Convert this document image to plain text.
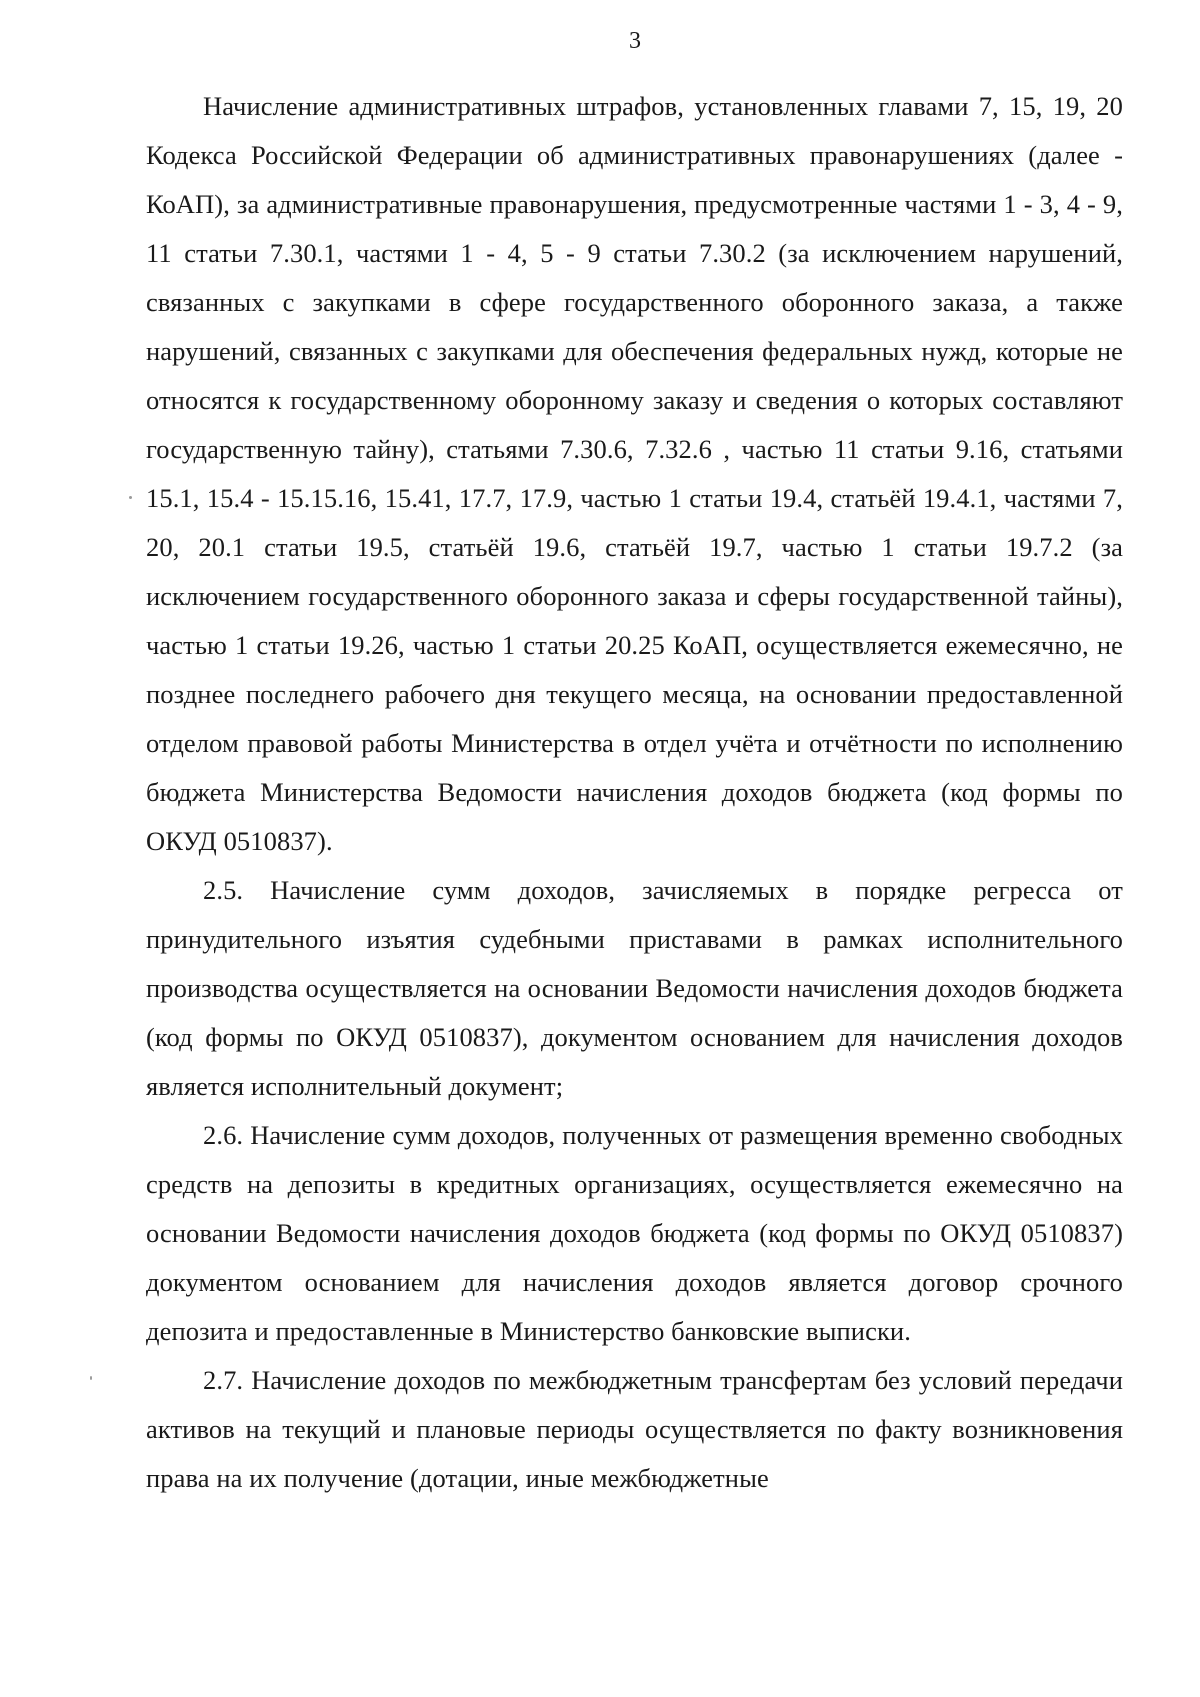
3

Начисление административных штрафов, установленных главами 7, 15, 19, 20 Кодекса Российской Федерации об административных правонарушениях (далее - КоАП), за административные правонарушения, предусмотренные частями 1 - 3, 4 - 9, 11 статьи 7.30.1, частями 1 - 4, 5 - 9 статьи 7.30.2 (за исключением нарушений, связанных с закупками в сфере государственного оборонного заказа, а также нарушений, связанных с закупками для обеспечения федеральных нужд, которые не относятся к государственному оборонному заказу и сведения о которых составляют государственную тайну), статьями 7.30.6, 7.32.6 , частью 11 статьи 9.16, статьями 15.1, 15.4 - 15.15.16, 15.41, 17.7, 17.9, частью 1 статьи 19.4, статьёй 19.4.1, частями 7, 20, 20.1 статьи 19.5, статьёй 19.6, статьёй 19.7, частью 1 статьи 19.7.2 (за исключением государственного оборонного заказа и сферы государственной тайны), частью 1 статьи 19.26, частью 1 статьи 20.25 КоАП, осуществляется ежемесячно, не позднее последнего рабочего дня текущего месяца, на основании предоставленной отделом правовой работы Министерства в отдел учёта и отчётности по исполнению бюджета Министерства Ведомости начисления доходов бюджета (код формы по ОКУД 0510837).

2.5. Начисление сумм доходов, зачисляемых в порядке регресса от принудительного изъятия судебными приставами в рамках исполнительного производства осуществляется на основании Ведомости начисления доходов бюджета (код формы по ОКУД 0510837), документом основанием для начисления доходов является исполнительный документ;

2.6. Начисление сумм доходов, полученных от размещения временно свободных средств на депозиты в кредитных организациях, осуществляется ежемесячно на основании Ведомости начисления доходов бюджета (код формы по ОКУД 0510837) документом основанием для начисления доходов является договор срочного депозита и предоставленные в Министерство банковские выписки.

2.7. Начисление доходов по межбюджетным трансфертам без условий передачи активов на текущий и плановые периоды осуществляется по факту возникновения права на их получение (дотации, иные межбюджетные
